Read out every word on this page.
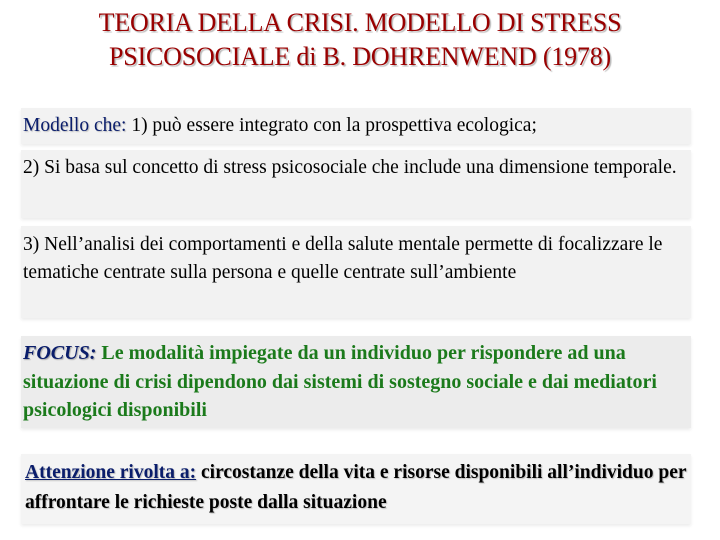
TEORIA DELLA CRISI. MODELLO DI STRESS
PSICOSOCIALE di B. DOHRENWEND (1978)
Modello che: 1) può essere integrato con la prospettiva ecologica;
2) Si basa sul concetto di stress psicosociale che include una dimensione temporale.
3) Nell’analisi dei comportamenti e della salute mentale permette di focalizzare le tematiche centrate sulla persona e quelle centrate sull’ambiente
FOCUS: Le modalità impiegate da un individuo per rispondere ad una situazione di crisi dipendono dai sistemi di sostegno sociale e dai mediatori psicologici disponibili
Attenzione rivolta a: circostanze della vita e risorse disponibili all’individuo per affrontare le richieste poste dalla situazione
